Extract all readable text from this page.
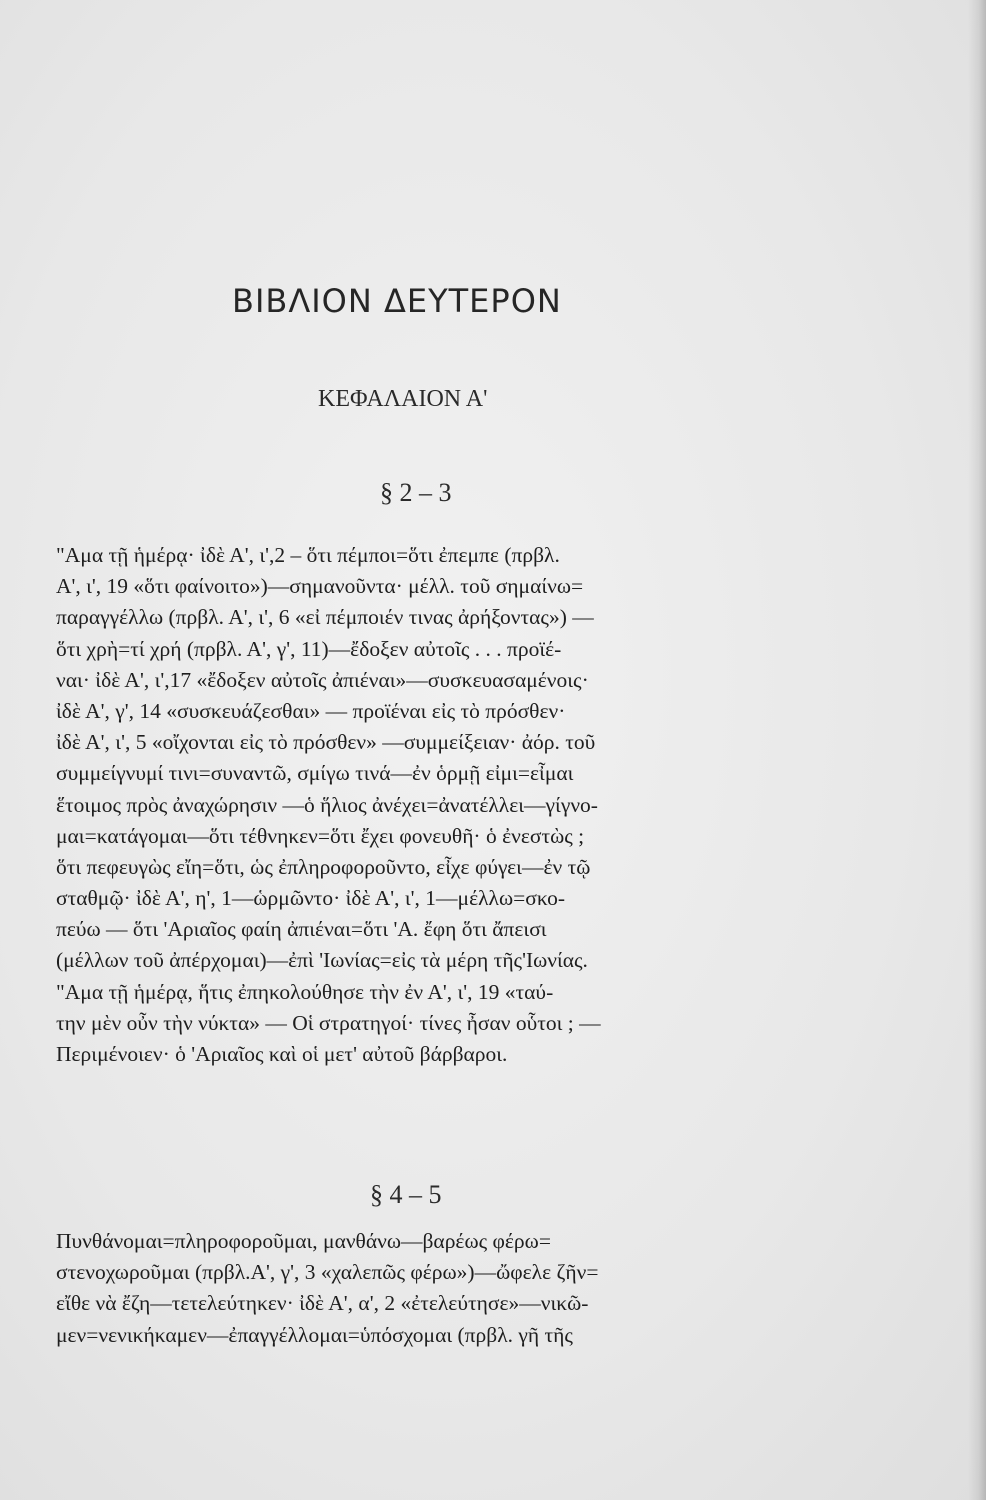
ΒΙΒΛΙΟΝ ΔΕΥΤΕΡΟΝ
ΚΕΦΑΛΑΙΟΝ Α'
§ 2 – 3
"Αμα τῇ ἡμέρᾳ· ἰδὲ Α', ι',2 – ὅτι πέμποι=ὅτι ἐπεμπε (πρβλ.
Α', ι', 19 «ὅτι φαίνοιτο»)—σημανοῦντα· μέλλ. τοῦ σημαίνω=
παραγγέλλω (πρβλ. Α', ι', 6 «εἰ πέμποιέν τινας ἀρήξοντας») —
ὅτι χρὴ=τί χρή (πρβλ. Α', γ', 11)—ἔδοξεν αὐτοῖς . . . προϊέ-
ναι· ἰδὲ Α', ι',17 «ἔδοξεν αὐτοῖς ἀπιέναι»—συσκευασαμένοις·
ἰδὲ Α', γ', 14 «συσκευάζεσθαι» — προϊέναι εἰς τὸ πρόσθεν·
ἰδὲ Α', ι', 5 «οἴχονται εἰς τὸ πρόσθεν» —συμμείξειαν· ἀόρ. τοῦ
συμμείγνυμί τινι=συναντῶ, σμίγω τινά—ἐν ὁρμῇ εἰμι=εἶμαι
ἕτοιμος πρὸς ἀναχώρησιν —ὁ ἥλιος ἀνέχει=ἀνατέλλει—γίγνο-
μαι=κατάγομαι—ὅτι τέθνηκεν=ὅτι ἔχει φονευθῆ· ὁ ἐνεστὼς ;
ὅτι πεφευγὼς εἴη=ὅτι, ὡς ἐπληροφοροῦντο, εἶχε φύγει—ἐν τῷ
σταθμῷ· ἰδὲ Α', η', 1—ὡρμῶντο· ἰδὲ Α', ι', 1—μέλλω=σκο-
πεύω — ὅτι 'Αριαῖος φαίη ἀπιέναι=ὅτι 'Α. ἔφη ὅτι ἄπεισι
(μέλλων τοῦ ἀπέρχομαι)—ἐπὶ 'Ιωνίας=εἰς τὰ μέρη τῆς'Ιωνίας.
"Αμα τῇ ἡμέρᾳ, ἥτις ἐπηκολούθησε τὴν ἐν Α', ι', 19 «ταύ-
την μὲν οὖν τὴν νύκτα» — Οἱ στρατηγοί· τίνες ἦσαν οὗτοι ; —
Περιμένοιεν· ὁ 'Αριαῖος καὶ οἱ μετ' αὐτοῦ βάρβαροι.
§ 4 – 5
Πυνθάνομαι=πληροφοροῦμαι, μανθάνω—βαρέως φέρω=
στενοχωροῦμαι (πρβλ.Α', γ', 3 «χαλεπῶς φέρω»)—ὤφελε ζῆν=
εἴθε νὰ ἔζη—τετελεύτηκεν· ἰδὲ Α', α', 2 «ἐτελεύτησε»—νικῶ-
μεν=νενικήκαμεν—ἐπαγγέλλομαι=ὑπόσχομαι (πρβλ. γῆ τῆς
